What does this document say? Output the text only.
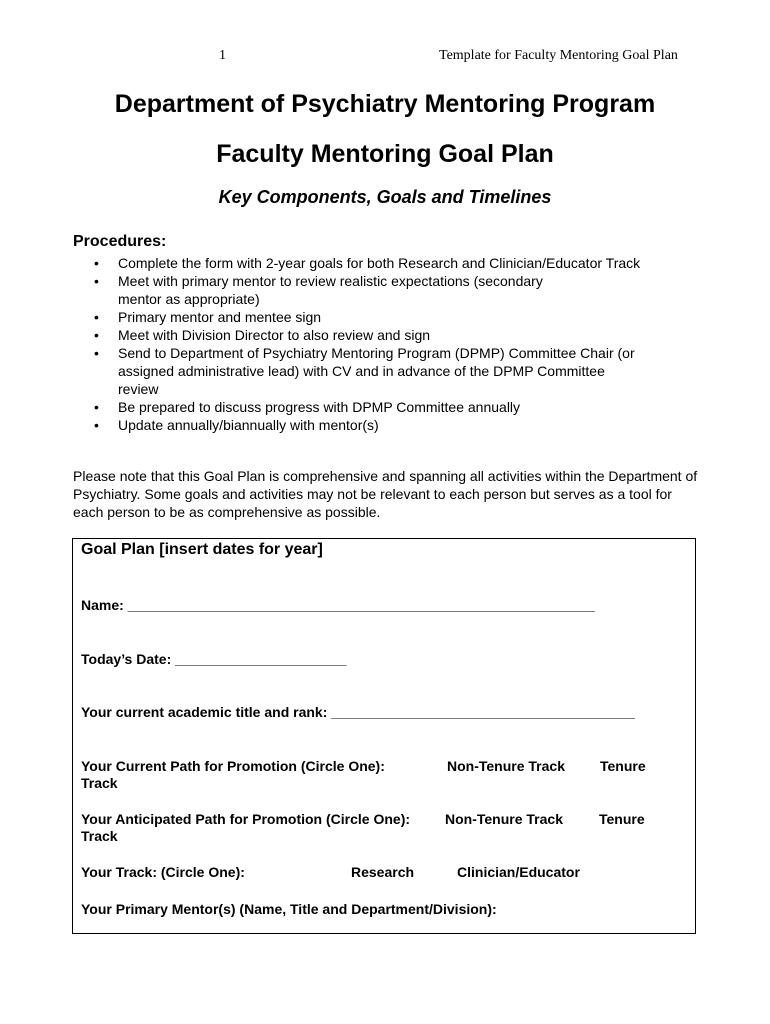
1	Template for Faculty Mentoring Goal Plan
Department of Psychiatry Mentoring Program
Faculty Mentoring Goal Plan
Key Components, Goals and Timelines
Procedures:
• Complete the form with 2-year goals for both Research and Clinician/Educator Track
• Meet with primary mentor to review realistic expectations (secondary mentor as appropriate)
• Primary mentor and mentee sign
• Meet with Division Director to also review and sign
• Send to Department of Psychiatry Mentoring Program (DPMP) Committee Chair (or assigned administrative lead) with CV and in advance of the DPMP Committee review
• Be prepared to discuss progress with DPMP Committee annually
• Update annually/biannually with mentor(s)
Please note that this Goal Plan is comprehensive and spanning all activities within the Department of Psychiatry. Some goals and activities may not be relevant to each person but serves as a tool for each person to be as comprehensive as possible.
Goal Plan [insert dates for year]
Name: ____________________________________________________________
Today’s Date: ______________________
Your current academic title and rank: _______________________________________
Your Current Path for Promotion (Circle One):	Non-Tenure Track	Tenure
Track
Your Anticipated Path for Promotion (Circle One): Non-Tenure Track	Tenure
Track
Your Track: (Circle One):	Research	Clinician/Educator
Your Primary Mentor(s) (Name, Title and Department/Division):
